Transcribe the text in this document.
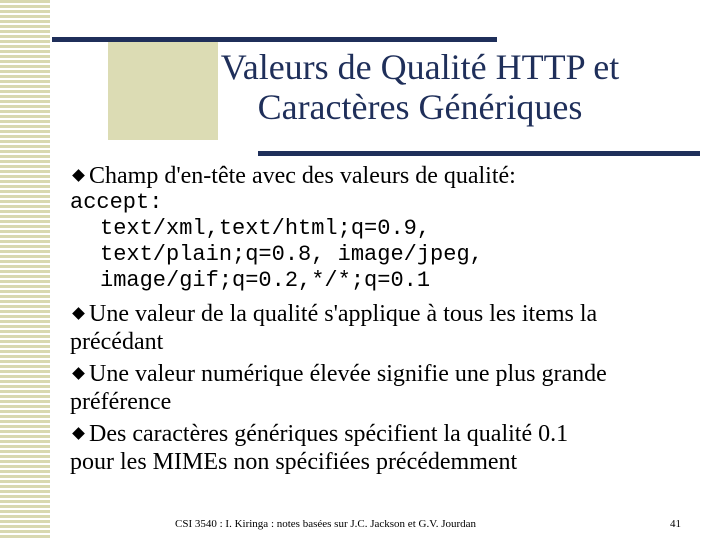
Valeurs de Qualité HTTP et
Caractères Génériques

Champ d'en-tête avec des valeurs de qualité:

accept:

text/xml,text/html;q=0.9,

text/plain;q=0.8, image/jpeg,

image/gif;q=0.2,*/*;q=0.1

Une valeur de la qualité s'applique à tous les items la
précédant

Une valeur numérique élevée signifie une plus grande
préférence

Des caractères génériques spécifient la qualité 0.1
pour les MIMEs non spécifiées précédemment

CSI 3540 : I. Kiringa : notes basées sur J.C. Jackson et G.V. Jourdan	41
